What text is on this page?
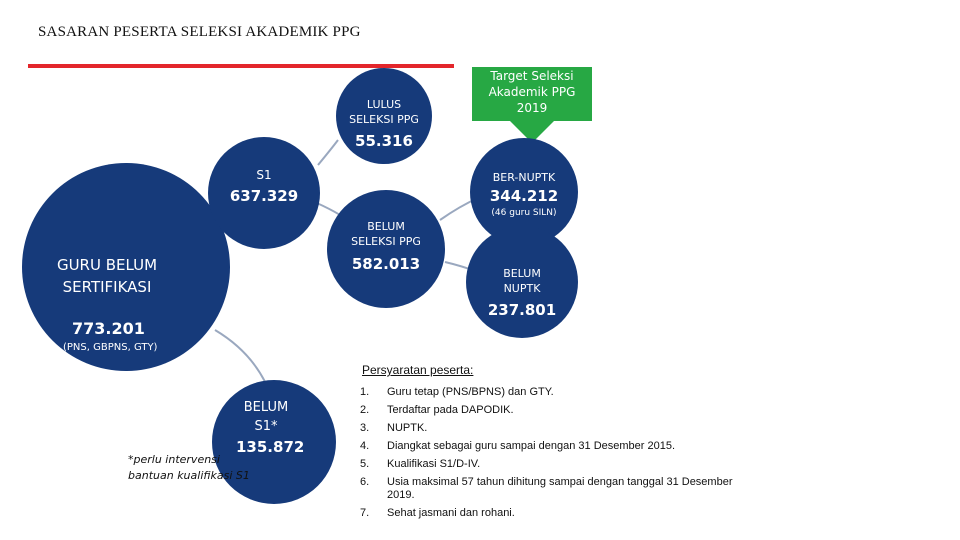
SASARAN PESERTA SELEKSI AKADEMIK PPG
GURU BELUM
SERTIFIKASI
773.201
(PNS, GBPNS, GTY)
S1
637.329
LULUS
SELEKSI PPG
55.316
BELUM
SELEKSI PPG
582.013
Target Seleksi Akademik PPG 2019
BER-NUPTK
344.212
(46 guru SILN)
BELUM
NUPTK
237.801
BELUM
S1*
135.872
*perlu intervensi
bantuan kualifikasi S1
Persyaratan peserta:
1.	Guru tetap (PNS/BPNS) dan GTY.
2.	Terdaftar pada DAPODIK.
3.	NUPTK.
4.	Diangkat sebagai guru sampai dengan 31 Desember 2015.
5.	Kualifikasi S1/D-IV.
6.	Usia maksimal 57 tahun dihitung sampai dengan tanggal 31 Desember 2019.
7.	Sehat jasmani dan rohani.
